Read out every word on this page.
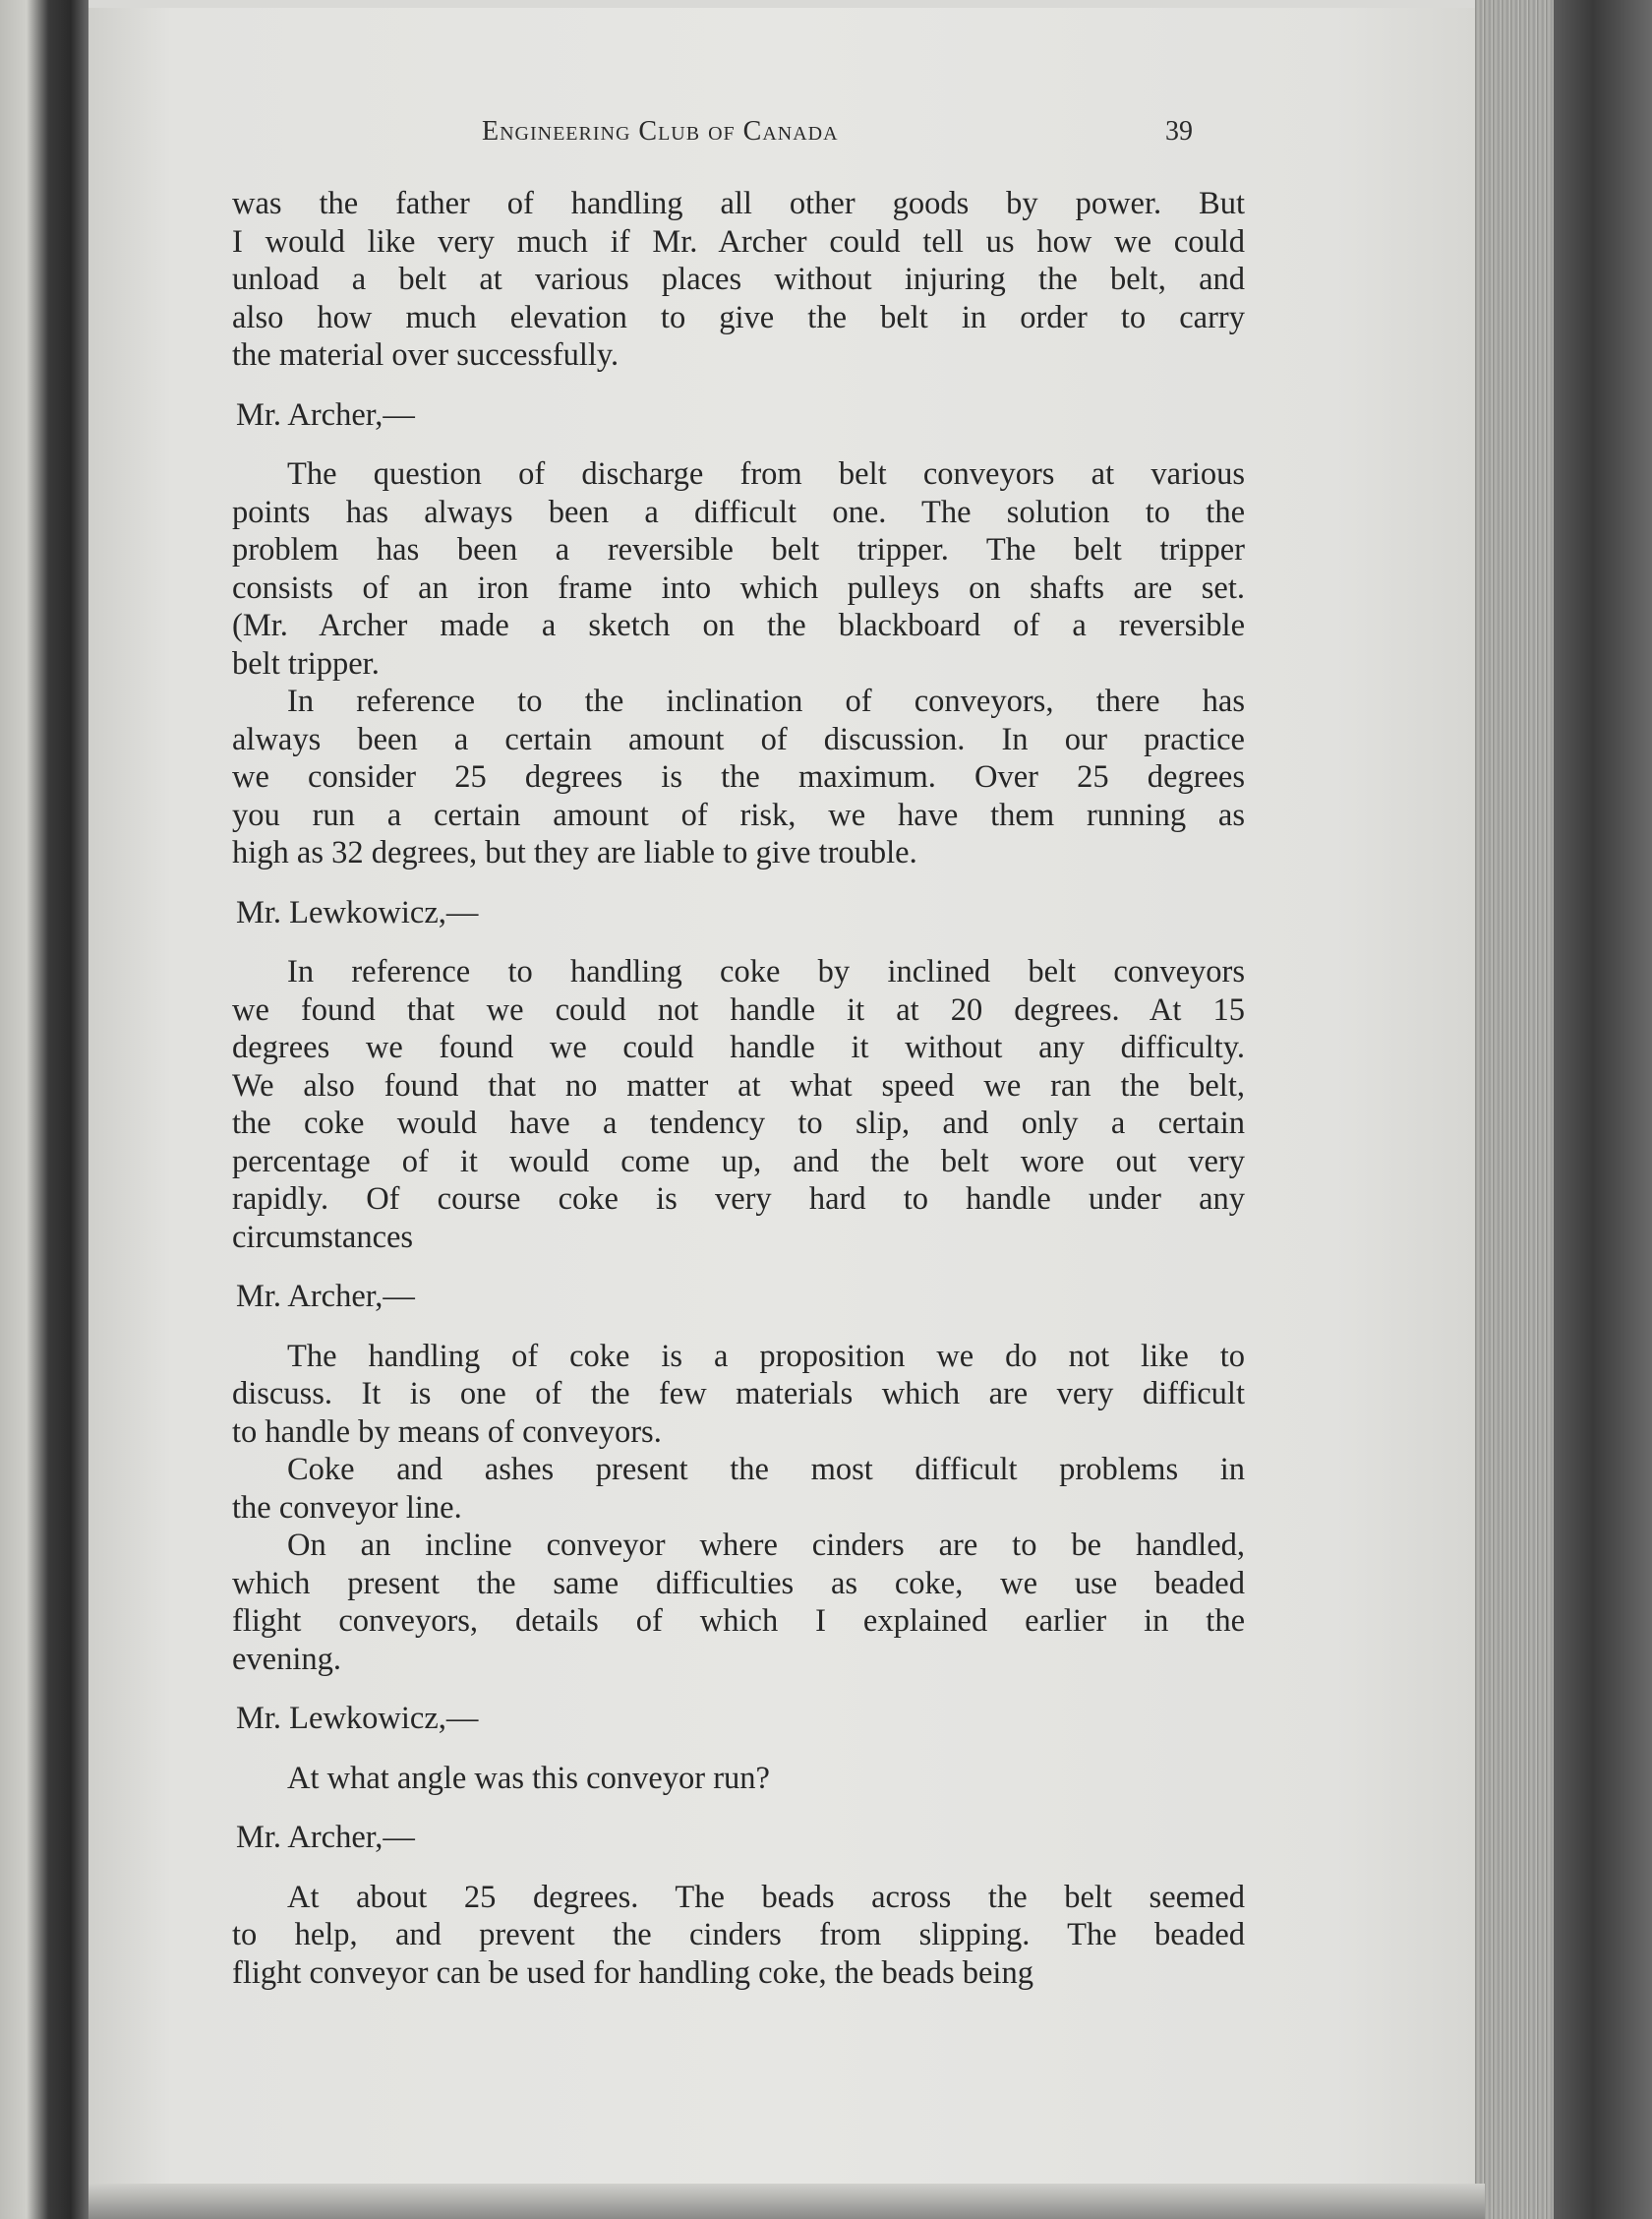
Engineering Club of Canada	39

was the father of handling all other goods by power. But

I would like very much if Mr. Archer could tell us how we could

unload a belt at various places without injuring the belt, and

also how much elevation to give the belt in order to carry

the material over successfully.

Mr. Archer,—

The question of discharge from belt conveyors at various

points has always been a difficult one. The solution to the

problem has been a reversible belt tripper. The belt tripper

consists of an iron frame into which pulleys on shafts are set.

(Mr. Archer made a sketch on the blackboard of a reversible

belt tripper.

In reference to the inclination of conveyors, there has

always been a certain amount of discussion. In our practice

we consider 25 degrees is the maximum. Over 25 degrees

you run a certain amount of risk, we have them running as

high as 32 degrees, but they are liable to give trouble.

Mr. Lewkowicz,—

In reference to handling coke by inclined belt conveyors

we found that we could not handle it at 20 degrees. At 15

degrees we found we could handle it without any difficulty.

We also found that no matter at what speed we ran the belt,

the coke would have a tendency to slip, and only a certain

percentage of it would come up, and the belt wore out very

rapidly. Of course coke is very hard to handle under any

circumstances

Mr. Archer,—

The handling of coke is a proposition we do not like to

discuss. It is one of the few materials which are very difficult

to handle by means of conveyors.

Coke and ashes present the most difficult problems in

the conveyor line.

On an incline conveyor where cinders are to be handled,

which present the same difficulties as coke, we use beaded

flight conveyors, details of which I explained earlier in the

evening.

Mr. Lewkowicz,—

At what angle was this conveyor run?

Mr. Archer,—

At about 25 degrees. The beads across the belt seemed

to help, and prevent the cinders from slipping. The beaded

flight conveyor can be used for handling coke, the beads being
